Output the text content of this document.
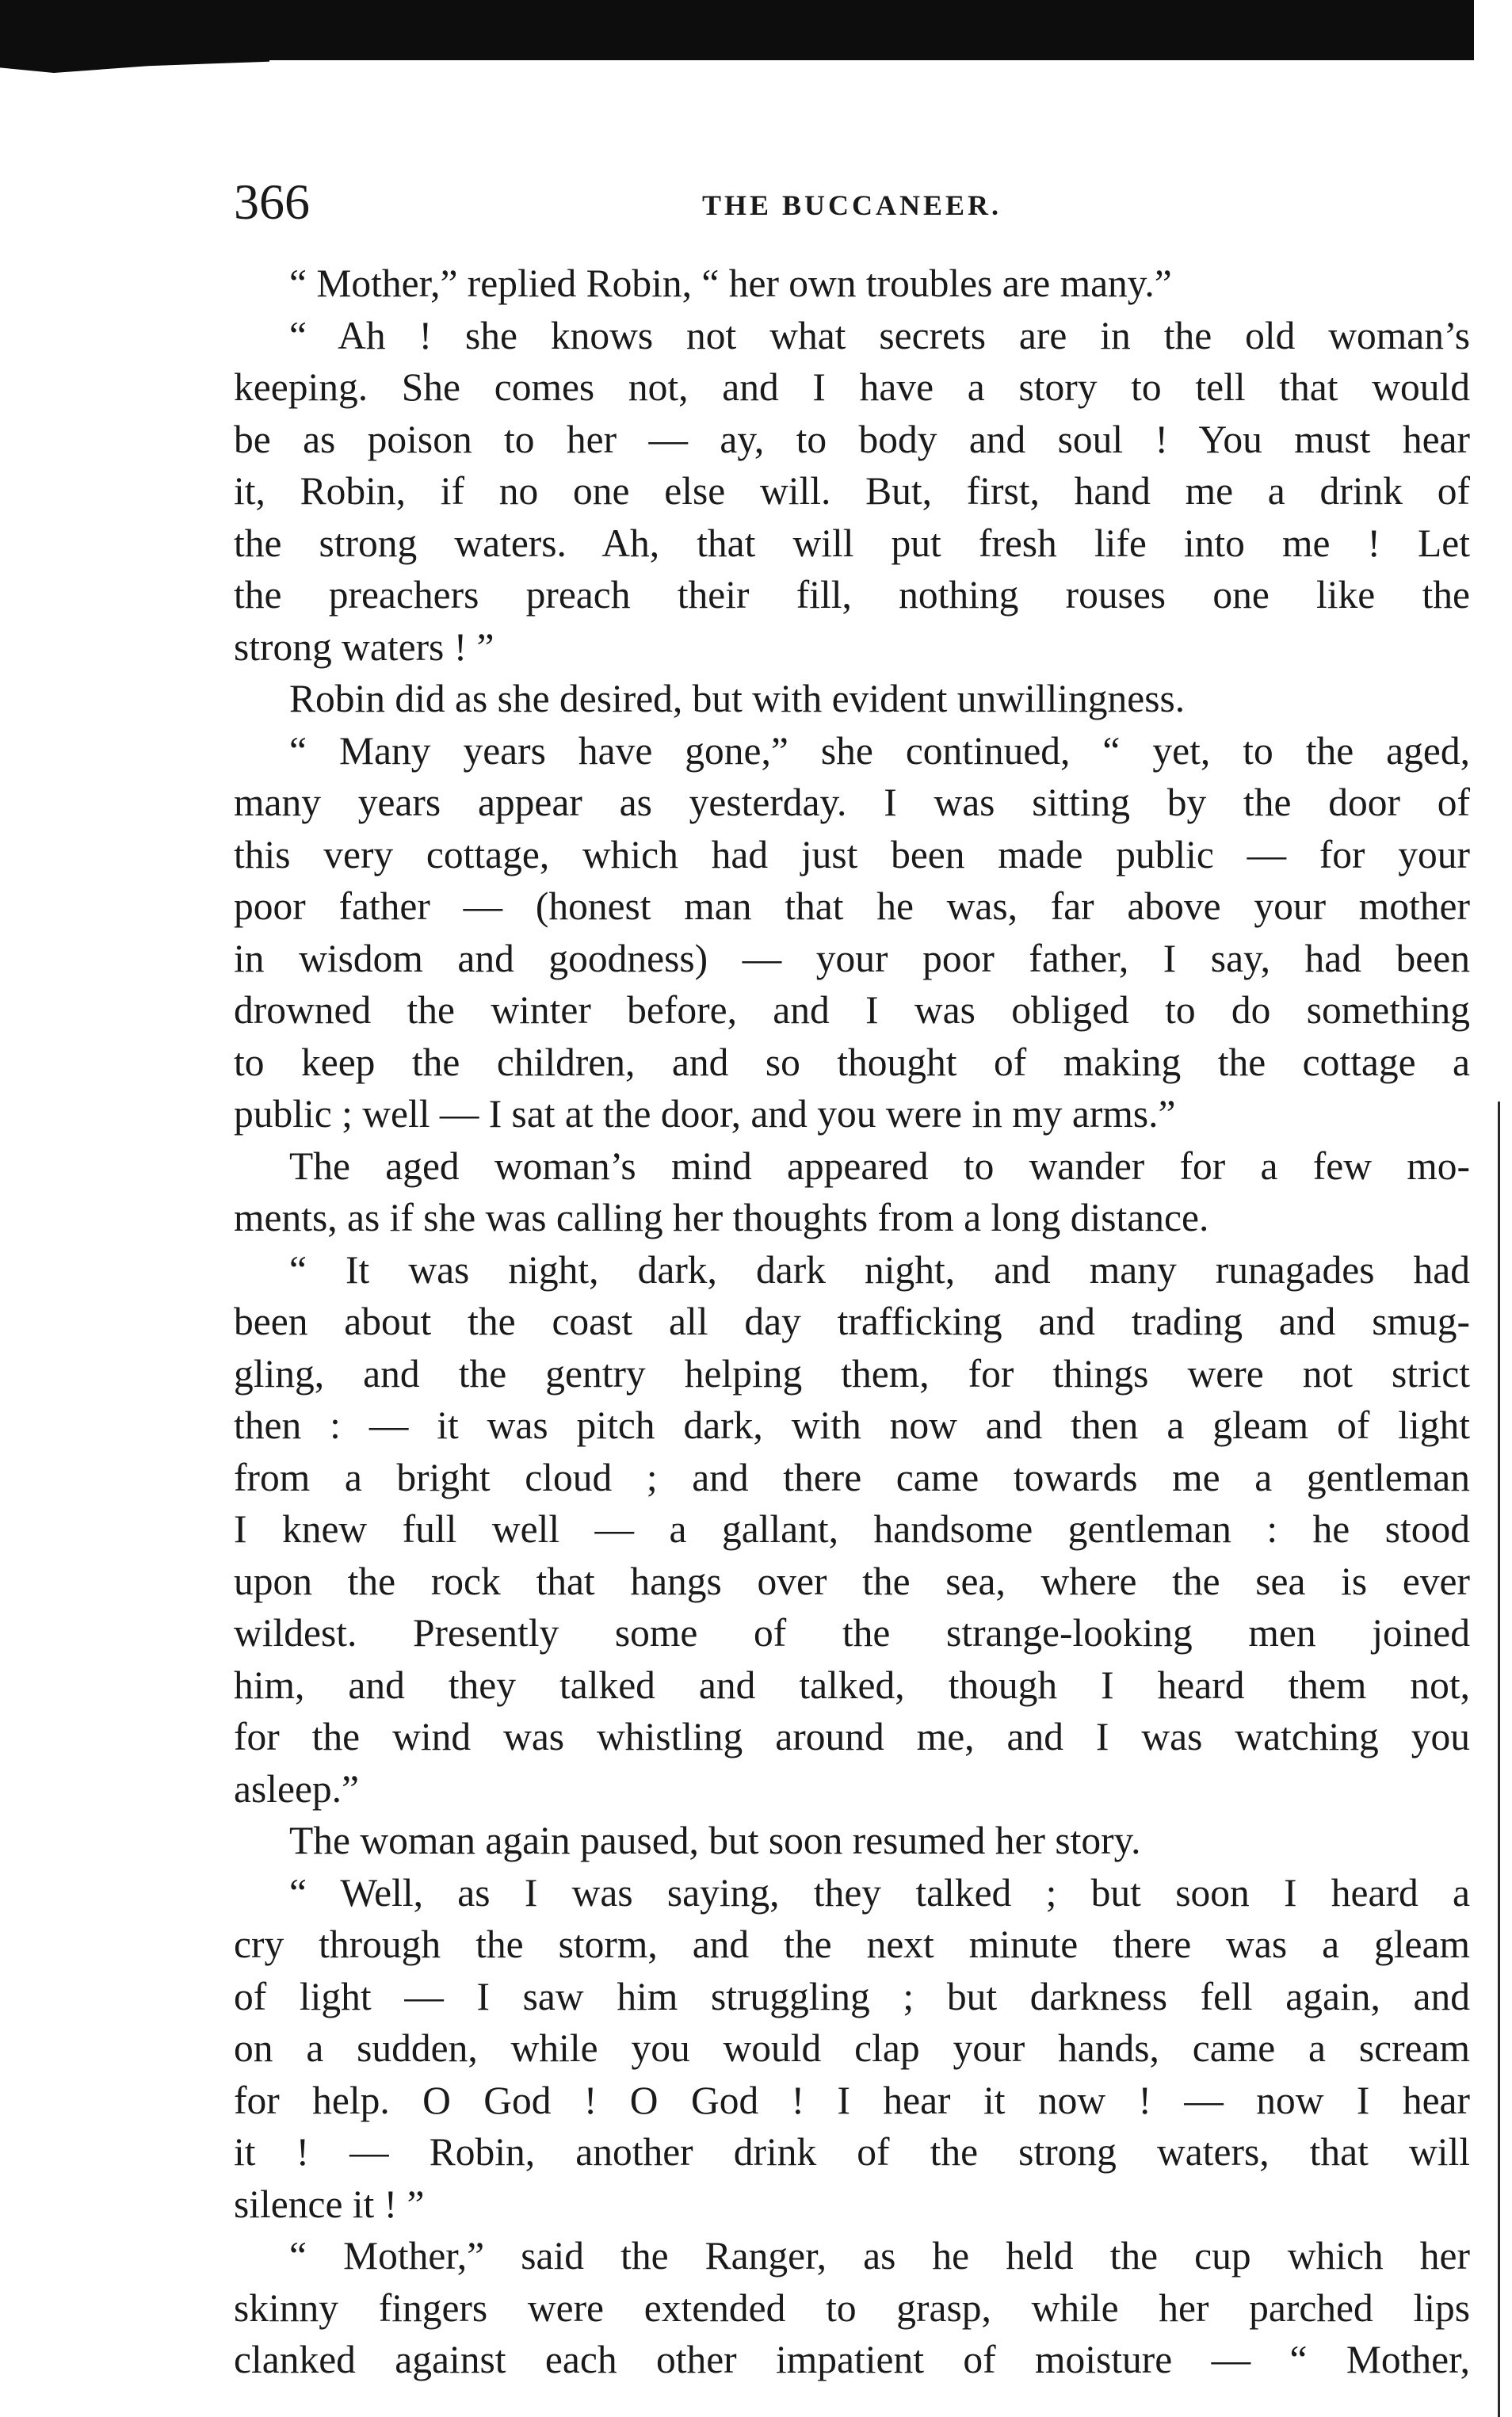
366	THE BUCCANEER.
“ Mother,” replied Robin, “ her own troubles are many.”
“ Ah ! she knows not what secrets are in the old woman’s
keeping. She comes not, and I have a story to tell that would
be as poison to her — ay, to body and soul ! You must hear
it, Robin, if no one else will. But, first, hand me a drink of
the strong waters. Ah, that will put fresh life into me ! Let
the preachers preach their fill, nothing rouses one like the
strong waters ! ”
Robin did as she desired, but with evident unwillingness.
“ Many years have gone,” she continued, “ yet, to the aged,
many years appear as yesterday. I was sitting by the door of
this very cottage, which had just been made public — for your
poor father — (honest man that he was, far above your mother
in wisdom and goodness) — your poor father, I say, had been
drowned the winter before, and I was obliged to do something
to keep the children, and so thought of making the cottage a
public ; well — I sat at the door, and you were in my arms.”
The aged woman’s mind appeared to wander for a few mo-
ments, as if she was calling her thoughts from a long distance.
“ It was night, dark, dark night, and many runagades had
been about the coast all day trafficking and trading and smug-
gling, and the gentry helping them, for things were not strict
then : — it was pitch dark, with now and then a gleam of light
from a bright cloud ; and there came towards me a gentleman
I knew full well — a gallant, handsome gentleman : he stood
upon the rock that hangs over the sea, where the sea is ever
wildest. Presently some of the strange-looking men joined
him, and they talked and talked, though I heard them not,
for the wind was whistling around me, and I was watching you
asleep.”
The woman again paused, but soon resumed her story.
“ Well, as I was saying, they talked ; but soon I heard a
cry through the storm, and the next minute there was a gleam
of light — I saw him struggling ; but darkness fell again, and
on a sudden, while you would clap your hands, came a scream
for help. O God ! O God ! I hear it now ! — now I hear
it ! — Robin, another drink of the strong waters, that will
silence it ! ”
“ Mother,” said the Ranger, as he held the cup which her
skinny fingers were extended to grasp, while her parched lips
clanked against each other impatient of moisture — “ Mother,
